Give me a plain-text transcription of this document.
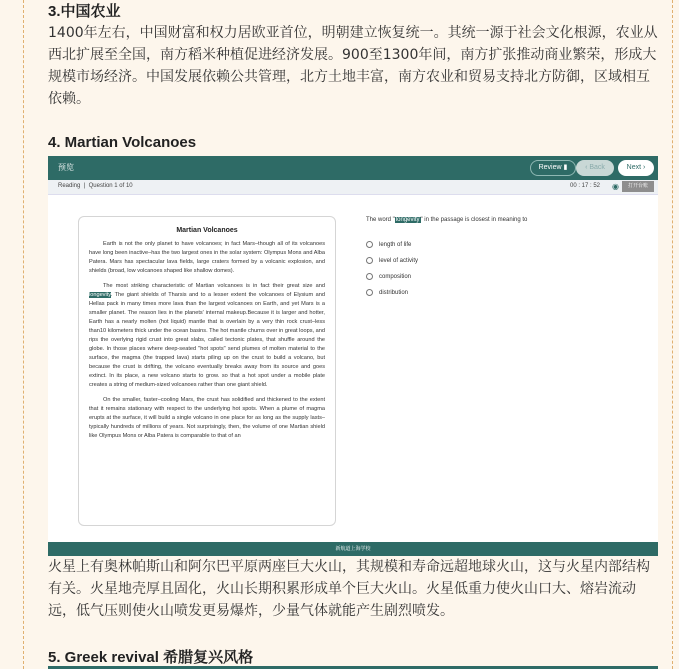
3.中国农业

1400年左右，中国财富和权力居欧亚首位，明朝建立恢复统一。其统一源于社会文化根源，农业从西北扩展至全国，南方稻米种植促进经济发展。900至1300年间，南方扩张推动商业繁荣，形成大规模市场经济。中国发展依赖公共管理，北方土地丰富，南方农业和贸易支持北方防御，区域相互依赖。

4. Martian Volcanoes
预览	Review ▮	‹ Back	Next ›
Reading | Question 1 of 10	00 : 17 : 52 ◉	打开台账
Martian Volcanoes

Earth is not the only planet to have volcanoes; in fact Mars–though all of its volcanoes have long been inactive–has the two largest ones in the solar system: Olympus Mons and Alba Patera. Mars has spectacular lava fields, large craters formed by a volcanic explosion, and shields (broad, low volcanoes shaped like shallow domes).

The most striking characteristic of Martian volcanoes is in fact their great size and longevity. The giant shields of Tharsis and to a lesser extent the volcanoes of Elysium and Hellas pack in many times more lava than the largest volcanoes on Earth, and yet Mars is a smaller planet. The reason lies in the planets' internal makeup.Because it is larger and hotter, Earth has a nearly molten (hot liquid) mantle that is overlain by a very thin rock crust–less than10 kilometers thick under the ocean basins. The hot mantle churns over in great loops, and rips the overlying rigid crust into great slabs, called tectonic plates, that shuffle around the globe. In those places where deep-seated "hot spots" send plumes of molten material to the surface, the magma (the trapped lava) starts piling up on the crust to build a volcano, but because the crust is drifting, the volcano eventually breaks away from its source and goes extinct. In its place, a new volcano starts to grow. so that a hot spot under a mobile plate creates a string of medium-sized volcanoes rather than one giant shield.

On the smaller, faster–cooling Mars, the crust has solidified and thickened to the extent that it remains stationary with respect to the underlying hot spots. When a plume of magma erupts at the surface, it will build a single volcano in one place for as long as the supply lasts–typically hundreds of millions of years. Not surprisingly, then, the volume of one Martian shield like Olympus Mons or Alba Patera is comparable to that of an

The word "longevity" in the passage is closest in meaning to
length of life
level of activity
composition
distribution
新航道上海学校

火星上有奥林帕斯山和阿尔巴平原两座巨大火山，其规模和寿命远超地球火山，这与火星内部结构有关。火星地壳厚且固化，火山长期积累形成单个巨大火山。火星低重力使火山口大、熔岩流动远，低气压则使火山喷发更易爆炸，少量气体就能产生剧烈喷发。

5. Greek revival 希腊复兴风格
